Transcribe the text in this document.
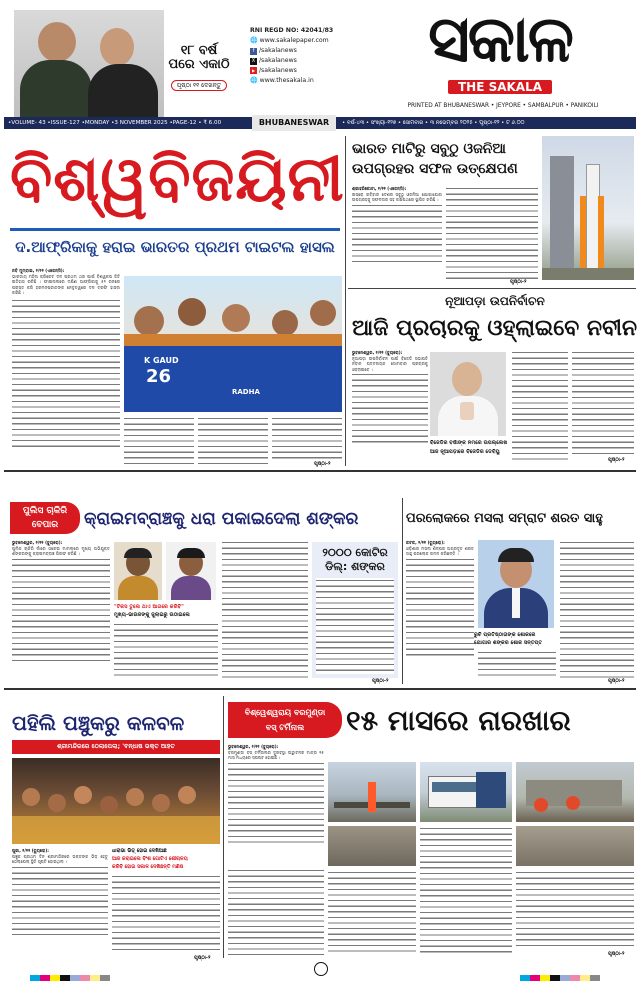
୧୮ ବର୍ଷ
ପରେ ଏକାଠି
ପୃଷ୍ଠା ୧୧ ଦେଖନ୍ତୁ
RNI REGD NO: 42041/83
🌐 www.sakalepaper.com
f /sakalanews
X /sakalanews
▶ /sakalanews
🌐 www.thesakala.in
ସକାଳ
THE SAKALA
PRINTED AT BHUBANESWAR • JEYPORE • SAMBALPUR • PANIKOILI
•VOLUME- 43 •ISSUE-127 •MONDAY •3 NOVEMBER 2025 •PAGE-12 • ₹ 6.00	BHUBANESWAR	• ବର୍ଷ-୪୩ • ସଂଖ୍ୟା-୧୨୭ • ସୋମବାର • ୩ ନଭେମ୍ବର ୨୦୨୫ • ପୃଷ୍ଠା-୧୨ • ଟ ୬.୦୦
ବିଶ୍ୱବିଜୟିନୀ
ଦ.ଆଫ୍ରିକାକୁ ହରାଇ ଭାରତର ପ୍ରଥମ ଟାଇଟଲ ହାସଲ
ନବି ମୁମ୍ବାଇ, ୨/୧୧ (ଏଜେନ୍ସି):
ଭାରତୀୟ ମହିଳା କ୍ରିକେଟ ଦଳ ପ୍ରଥମ ଥର ପାଇଁ ବିଶ୍ୱକପ ଜିତି ଇତିହାସ ରଚିଛି । ଫାଇନାଲରେ ଦକ୍ଷିଣ ଆଫ୍ରିକାକୁ ୫୨ ରନରେ ପରାସ୍ତ କରି ହରମନପ୍ରୀତଙ୍କ ନେତୃତ୍ୱରେ ଦଳ ଟ୍ରଫି ହାସଲ କରିଛି ।
K GAUD
26
RADHA
ପୃଷ୍ଠା-୨
ଭାରତ ମାଟିରୁ ସବୁଠୁ ଓଜନିଆ
ଉପଗ୍ରହର ସଫଳ ଉତ୍କ୍ଷେପଣ
ଶ୍ରୀହରିକୋଟା, ୨/୧୧ (ଏଜେନ୍ସି):
ଇସ୍ରୋ ରବିବାର ଦେଶର ସବୁଠୁ ଓଜନିଆ ଯୋଗାଯୋଗ ଉପଗ୍ରହକୁ ସଫଳତାର ସହ କକ୍ଷପଥରେ ସ୍ଥାପିତ କରିଛି ।
ପୃଷ୍ଠା-୨
ନୂଆପଡ଼ା ଉପନିର୍ବାଚନ
ଆଜି ପ୍ରଚାରକୁ ଓହ୍ଲାଇବେ ନବୀନ
ଭୁବନେଶ୍ୱର, ୨/୧୧ (ବ୍ୟୁରୋ):
ନୂଆପଡ଼ା ଉପନିର୍ବାଚନ ପାଇଁ ବିଜେଡି ସଭାପତି ନବୀନ ପଟ୍ଟନାୟକ ସୋମବାର ପ୍ରଚାରକୁ ଓହ୍ଲାଇବେ ।
ବିଜେଡିର ବର୍ଷାଙ୍କ ନମରେ ଉପଲ୍ଲେଖ
ଆଜ ନୂଆପଡ଼ାରେ ବିଜେଡିର ଡେବିୟୁ
ପୃଷ୍ଠା-୨
ପୁଲିସ ଚାକିରି
ବେପାର	କ୍ରାଇମବ୍ରାଞ୍ଚକୁ ଧରା ପକାଇଦେଲା ଶଙ୍କର
ଭୁବନେଶ୍ୱର, ୨/୧୧ (ବ୍ୟୁରୋ):
ପୁଲିସ ଚାକିରି ନାଁରେ ଠକେଇ ମାମଲାରେ ମୁଖ୍ୟ ଅଭିଯୁକ୍ତ ଶଙ୍କରଙ୍କୁ କ୍ରାଇମବ୍ରାଞ୍ଚ ଗିରଫ କରିଛି ।
"ଟିକସ ତୁଲେ ଥାଏ ଆଗରେ କରିବି"
ମୁଖ୍ୟ-ଭାଉଜଙ୍କୁ ଜୁଲାଇରୁ ଉଠାଇଲେ
୨୦୦୦ କୋଟିର
ଡିଲ୍: ଶଙ୍କର
ପୃଷ୍ଠା-୨
ପରଲୋକରେ ମସଲା ସମ୍ରାଟ ଶରତ ସାହୁ
କଟକ, ୨/୧୧ (ବ୍ୟୁରୋ):
ଓଡ଼ିଶାର ମସଲା ଶିଳ୍ପର ଅଗ୍ରଦୂତ ଶରତ ସାହୁ ପରଲୋକ ଗମନ କରିଛନ୍ତି ।
ରୁଚି ପ୍ରତିଷ୍ଠାତାଙ୍କ ଶୋକରେ
ଯୋଗାର ଶଙ୍କର ଶୋକ ସନ୍ତପ୍ତ
ପୃଷ୍ଠା-୨
ପହିଲି ପଞ୍ଚୁକରୁ କଳବଳ
ଶ୍ରୀମନ୍ଦିରରେ ଠେଲାପେଲା; 'ବନ୍ଧାଷ ଭକ୍ତ ଆହତ
ଧାରାଭା ଭିଡ଼୍ ହୋଇ ଦେଖିଆଛ
ଆଜ କରାଇଲେ ବିଂଶ ଗୋଟିଏ ଶୌଚାଳୟ
କରିବି ହୋଇ ସକାଳ ଦେଖିଛନ୍ତି ମଣିଷ
ପୁରୀ, ୨/୧୧ (ବ୍ୟୁରୋ):
ପଞ୍ଚୁକ ପ୍ରଥମ ଦିନ ଶ୍ରୀମନ୍ଦିରରେ ଭକ୍ତଙ୍କ ଭିଡ଼ ହେତୁ ଠେଲାପେଲା ସ୍ଥିତି ସୃଷ୍ଟି ହୋଇଥିଲା ।
ପୃଷ୍ଠା-୨
ବିଶ୍ୱେଶ୍ୱରାୟ ବରମୁଣ୍ଡା
ବସ୍ ଟର୍ମିନାଲ	୧୫ ମାସରେ ନାରଖାର
ଭୁବନେଶ୍ୱର, ୨/୧୧ (ବ୍ୟୁରୋ):
ବରମୁଣ୍ଡା ବସ୍ ଟର୍ମିନାଲର ଦୁରବସ୍ଥା ଉଦ୍ଘାଟନର ମାତ୍ର ୧୫ ମାସ ମଧ୍ୟରେ ସ୍ପଷ୍ଟ ହୋଇଛି ।
ପୃଷ୍ଠା-୨
